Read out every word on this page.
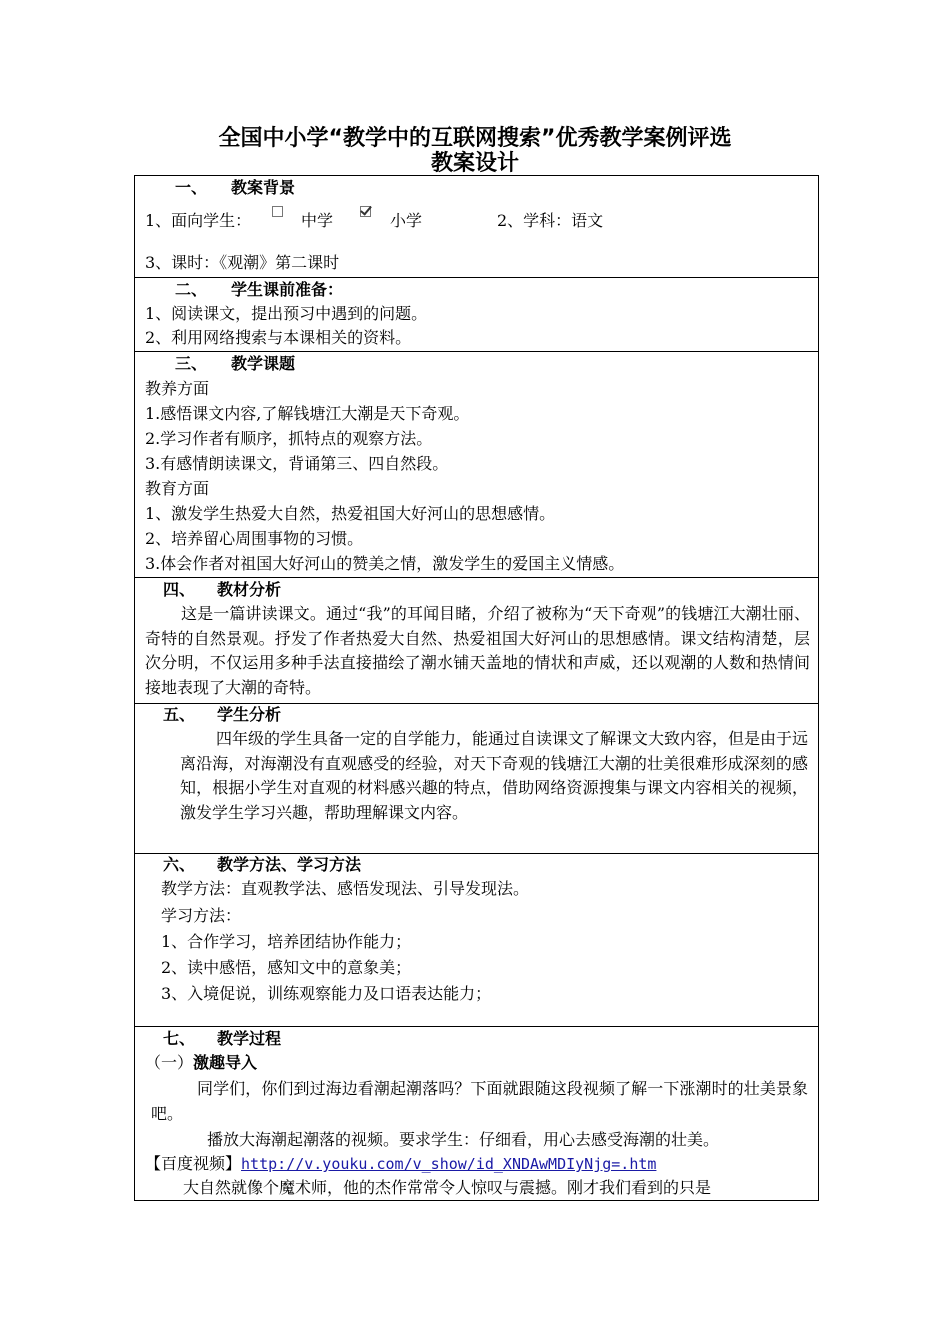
全国中小学“教学中的互联网搜索”优秀教学案例评选
教案设计
一、 教案背景
1、面向学生：	中学	小学	2、学科：语文
3、课时：《观潮》第二课时
二、 学生课前准备：
1、阅读课文，提出预习中遇到的问题。
2、利用网络搜索与本课相关的资料。
三、 教学课题
教养方面
1.感悟课文内容,了解钱塘江大潮是天下奇观。
2.学习作者有顺序，抓特点的观察方法。
3.有感情朗读课文，背诵第三、四自然段。
教育方面
1、激发学生热爱大自然，热爱祖国大好河山的思想感情。
2、培养留心周围事物的习惯。
3.体会作者对祖国大好河山的赞美之情，激发学生的爱国主义情感。
四、 教材分析

这是一篇讲读课文。通过“我”的耳闻目睹，介绍了被称为“天下奇观”的钱塘江大潮壮丽、奇特的自然景观。抒发了作者热爱大自然、热爱祖国大好河山的思想感情。课文结构清楚，层次分明，不仅运用多种手法直接描绘了潮水铺天盖地的情状和声威，还以观潮的人数和热情间接地表现了大潮的奇特。

五、 学生分析

四年级的学生具备一定的自学能力，能通过自读课文了解课文大致内容，但是由于远离沿海，对海潮没有直观感受的经验，对天下奇观的钱塘江大潮的壮美很难形成深刻的感知，根据小学生对直观的材料感兴趣的特点，借助网络资源搜集与课文内容相关的视频，激发学生学习兴趣，帮助理解课文内容。

六、 教学方法、学习方法
教学方法：直观教学法、感悟发现法、引导发现法。
学习方法：
1、合作学习，培养团结协作能力；
2、读中感悟，感知文中的意象美；
3、入境促说，训练观察能力及口语表达能力；
七、 教学过程
（一）激趣导入

同学们，你们到过海边看潮起潮落吗？下面就跟随这段视频了解一下涨潮时的壮美景象吧。

播放大海潮起潮落的视频。要求学生：仔细看，用心去感受海潮的壮美。
【百度视频】http://v.youku.com/v_show/id_XNDAwMDIyNjg=.htm
大自然就像个魔术师，他的杰作常常令人惊叹与震撼。刚才我们看到的只是
